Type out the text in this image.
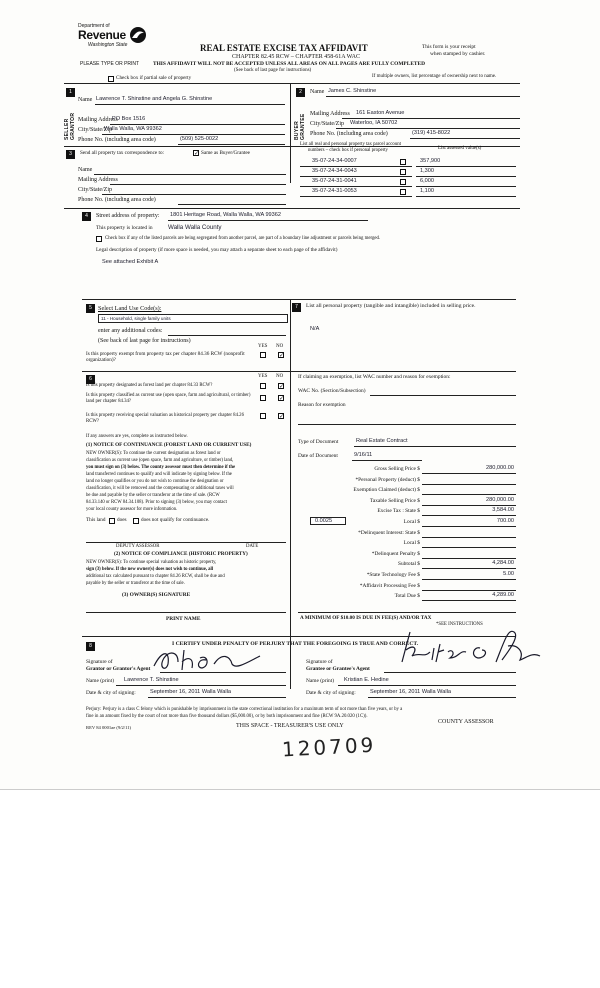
Department of
Revenue
Washington State
PLEASE TYPE OR PRINT
REAL ESTATE EXCISE TAX AFFIDAVIT
CHAPTER 82.45 RCW – CHAPTER 458-61A WAC
THIS AFFIDAVIT WILL NOT BE ACCEPTED UNLESS ALL AREAS ON ALL PAGES ARE FULLY COMPLETED
(See back of last page for instructions)
This form is your receipt
when stamped by cashier.
Check box if partial sale of property	If multiple owners, list percentage of ownership next to name.
1
SELLER GRANTOR
Name Lawrence T. Shinstine and Angela G. Shinstine
Mailing Address
PO Box 1516
City/State/Zip
Walla Walla, WA 99362
Phone No. (including area code)	(509) 525-0022
2
BUYER GRANTEE
Name James C. Shinstine
Mailing Address 161 Easton Avenue
City/State/Zip Waterloo, IA 50702
Phone No. (including area code)	(319) 415-8022
3	Send all property tax correspondence to:	✓ Same as Buyer/Grantee
Name
Mailing Address
City/State/Zip
Phone No. (including area code)
List all real and personal property tax parcel account
numbers – check box if personal property	List assessed value(s)
35-07-24-34-0007	357,900
35-07-24-34-0043	1,300
35-07-24-31-0041	6,000
35-07-24-31-0053	1,100
4	Street address of property: 1801 Heritage Road, Walla Walla, WA 99362
This property is located in Walla Walla County
Check box if any of the listed parcels are being segregated from another parcel, are part of a boundary line adjustment or parcels being merged.
Legal description of property (if more space is needed, you may attach a separate sheet to each page of the affidavit)
See attached Exhibit A
5 Select Land Use Code(s):
11 - Household, single family units
enter any additional codes:
(See back of last page for instructions)
YES NO
Is this property exempt from property tax per chapter 84.36 RCW (nonprofit organization)?
✓
7	List all personal property (tangible and intangible) included in selling price.
N/A
6	YES NO
Is this property designated as forest land per chapter 84.33 RCW?	✓
Is this property classified as current use (open space, farm and agricultural, or timber) land per chapter 84.34?	✓
Is this property receiving special valuation as historical property per chapter 84.26 RCW?
✓
If any answers are yes, complete as instructed below.
(1) NOTICE OF CONTINUANCE (FOREST LAND OR CURRENT USE)
NEW OWNER(S): To continue the current designation as forest land or
classification as current use (open space, farm and agriculture, or timber) land,
you must sign on (3) below. The county assessor must then determine if the
land transferred continues to qualify and will indicate by signing below. If the
land no longer qualifies or you do not wish to continue the designation or
classification, it will be removed and the compensating or additional taxes will
be due and payable by the seller or transferor at the time of sale. (RCW
84.33.140 or RCW 84.34.108). Prior to signing (3) below, you may contact
your local county assessor for more information.
This land does	does not qualify for continuance.
DEPUTY ASSESSOR	DATE
(2) NOTICE OF COMPLIANCE (HISTORIC PROPERTY)
NEW OWNER(S): To continue special valuation as historic property,
sign (3) below. If the new owner(s) does not wish to continue, all
additional tax calculated pursuant to chapter 84.26 RCW, shall be due and
payable by the seller or transferor at the time of sale.
(3) OWNER(S) SIGNATURE
PRINT NAME
If claiming an exemption, list WAC number and reason for exemption:
WAC No. (Section/Subsection)
Reason for exemption
Type of Document	Real Estate Contract
Date of Document	9/16/11
0.0025
Gross Selling Price $	280,000.00
*Personal Property (deduct) $
Exemption Claimed (deduct) $
Taxable Selling Price $	280,000.00
Excise Tax : State $	3,584.00
Local $	700.00
*Delinquent Interest: State $
Local $
*Delinquent Penalty $
Subtotal $	4,284.00
*State Technology Fee $	5.00
*Affidavit Processing Fee $
Total Due $	4,289.00
A MINIMUM OF $10.00 IS DUE IN FEE(S) AND/OR TAX
*SEE INSTRUCTIONS
8	I CERTIFY UNDER PENALTY OF PERJURY THAT THE FOREGOING IS TRUE AND CORRECT.
Signature of
Grantor or Grantor's Agent
Name (print) Lawrence T. Shinstine
Date & city of signing:	September 16, 2011 Walla Walla
Signature of
Grantee or Grantee's Agent
Name (print) Kristian E. Hedine
Date & city of signing:	September 16, 2011 Walla Walla
Perjury: Perjury is a class C felony which is punishable by imprisonment in the state correctional institution for a maximum term of not more than five years, or by a
fine in an amount fixed by the court of not more than five thousand dollars ($5,000.00), or by both imprisonment and fine (RCW 9A.20.020 (1C)).
REV 84 0001ae (9/2/11)	THIS SPACE - TREASURER'S USE ONLY
COUNTY ASSESSOR
120709
